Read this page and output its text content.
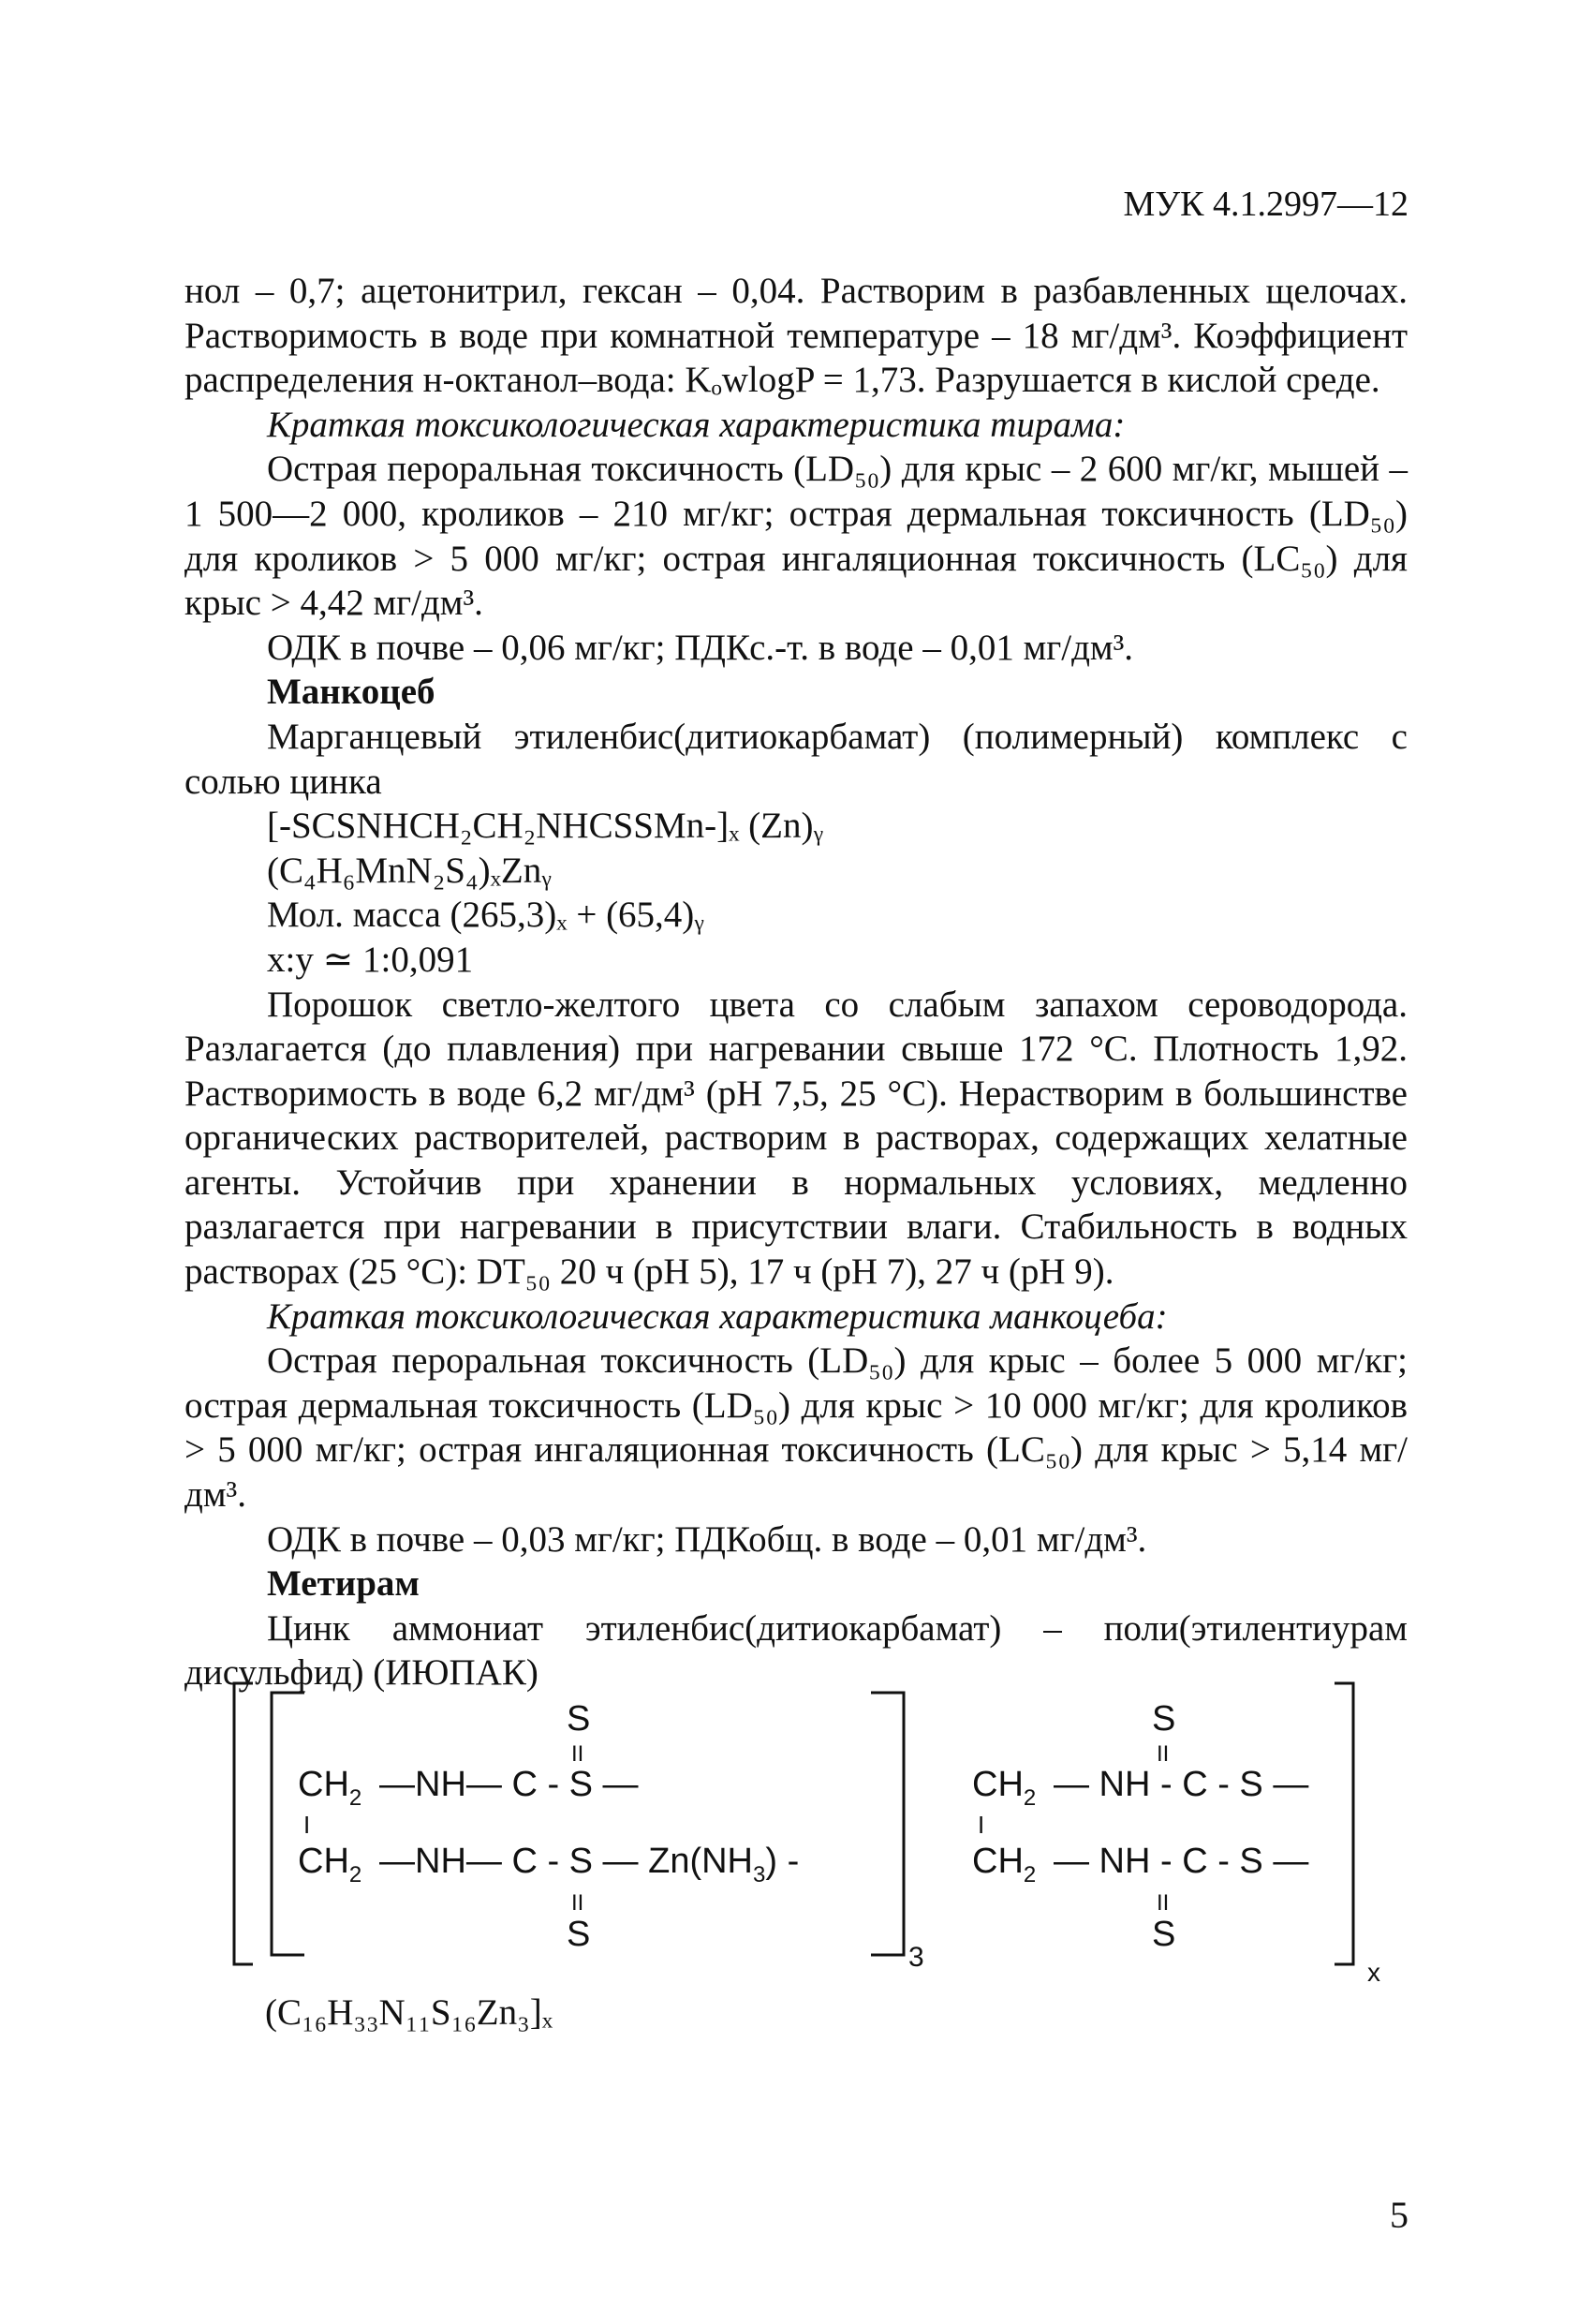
МУК 4.1.2997—12

нол – 0,7; ацетонитрил, гексан – 0,04. Растворим в разбавленных щелочах. Растворимость в воде при комнатной температуре – 18 мг/дм³. Коэффициент распределения н-октанол–вода: KₒwlogP = 1,73. Разрушается в кислой среде.

Краткая токсикологическая характеристика тирама:

Острая пероральная токсичность (LD₅₀) для крыс – 2 600 мг/кг, мышей – 1 500—2 000, кроликов – 210 мг/кг; острая дермальная токсичность (LD₅₀) для кроликов > 5 000 мг/кг; острая ингаляционная токсичность (LC₅₀) для крыс > 4,42 мг/дм³.

ОДК в почве – 0,06 мг/кг; ПДКс.-т. в воде – 0,01 мг/дм³.

Манкоцеб

Марганцевый этиленбис(дитиокарбамат) (полимерный) комплекс с солью цинка

[-SCSNHCH₂CH₂NHCSSMn-]ₓ (Zn)ᵧ

(C₄H₆MnN₂S₄)ₓZnᵧ

Мол. масса (265,3)ₓ + (65,4)ᵧ

x:y ≃ 1:0,091

Порошок светло-желтого цвета со слабым запахом сероводорода. Разлагается (до плавления) при нагревании свыше 172 °С. Плотность 1,92. Растворимость в воде 6,2 мг/дм³ (рН 7,5, 25 °С). Нерастворим в большинстве органических растворителей, растворим в растворах, содержащих хелатные агенты. Устойчив при хранении в нормальных условиях, медленно разлагается при нагревании в присутствии влаги. Стабильность в водных растворах (25 °С): DT₅₀ 20 ч (рН 5), 17 ч (рН 7), 27 ч (рН 9).

Краткая токсикологическая характеристика манкоцеба:

Острая пероральная токсичность (LD₅₀) для крыс – более 5 000 мг/кг; острая дермальная токсичность (LD₅₀) для крыс > 10 000 мг/кг; для кроликов > 5 000 мг/кг; острая ингаляционная токсичность (LC₅₀) для крыс > 5,14 мг/дм³.

ОДК в почве – 0,03 мг/кг; ПДКобщ. в воде – 0,01 мг/дм³.

Метирам

Цинк аммониат этиленбис(дитиокарбамат) – поли(этилентиурам дисульфид) (ИЮПАК)

S
II
$CH_2$ —NH— C - S —
I
$CH_2$ —NH— C - S — $Zn(NH_3)$ -
II
S
3
S
II
$CH_2$ — NH - C - S —
I
$CH_2$ — NH - C - S —
II
S
x
(C₁₆H₃₃N₁₁S₁₆Zn₃]ₓ
5
